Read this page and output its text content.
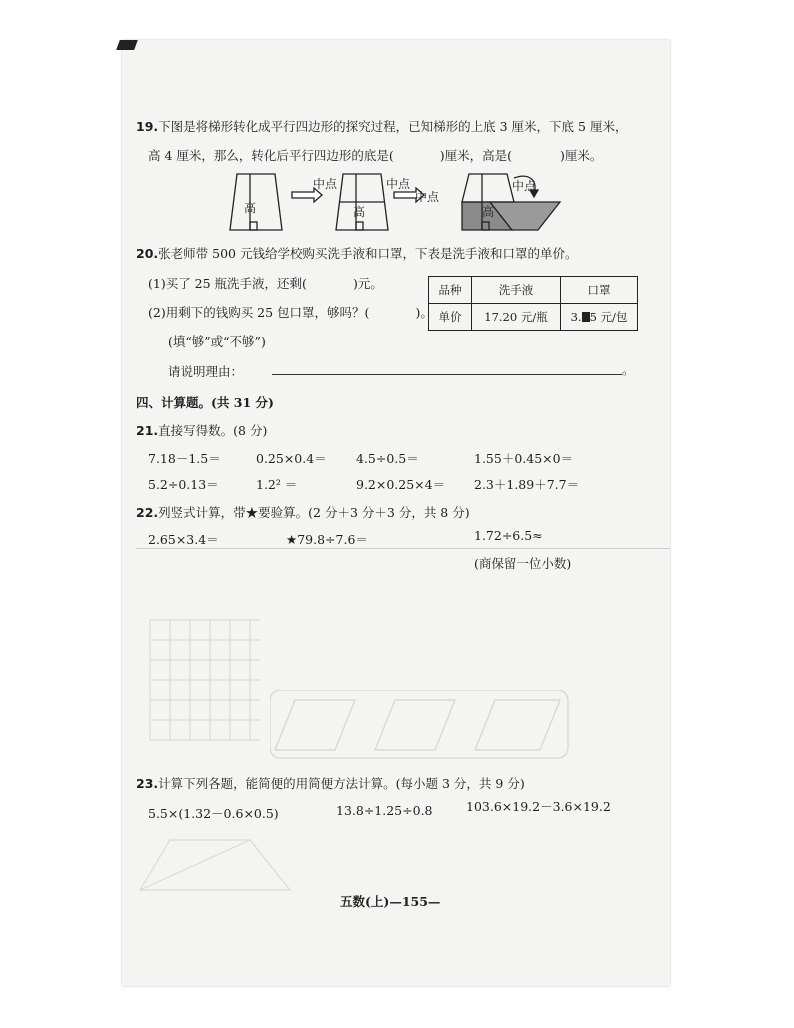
19.下图是将梯形转化成平行四边形的探究过程，已知梯形的上底 3 厘米，下底 5 厘米，
高 4 厘米，那么，转化后平行四边形的底是(	)厘米，高是(	)厘米。
高
中点
高
中点
中点
高
中点
20.张老师带 500 元钱给学校购买洗手液和口罩，下表是洗手液和口罩的单价。
(1)买了 25 瓶洗手液，还剩(	)元。
(2)用剩下的钱购买 25 包口罩，够吗？(	)。
(填“够”或“不够”)
请说明理由：	。
品种	洗手液	口罩
单价	17.20 元/瓶	3. 5 元/包
四、计算题。(共 31 分)
21.直接写得数。(8 分)
7.18－1.5＝	0.25×0.4＝ 4.5÷0.5＝	1.55＋0.45×0＝
5.2÷0.13＝	1.2² ＝	9.2×0.25×4＝ 2.3＋1.89＋7.7＝
22.列竖式计算，带★要验算。(2 分＋3 分＋3 分，共 8 分)
2.65×3.4＝	★79.8÷7.6＝	1.72÷6.5≈
(商保留一位小数)
23.计算下列各题，能简便的用简便方法计算。(每小题 3 分，共 9 分)
5.5×(1.32－0.6×0.5)	13.8÷1.25÷0.8	103.6×19.2－3.6×19.2
五数(上)—155—
